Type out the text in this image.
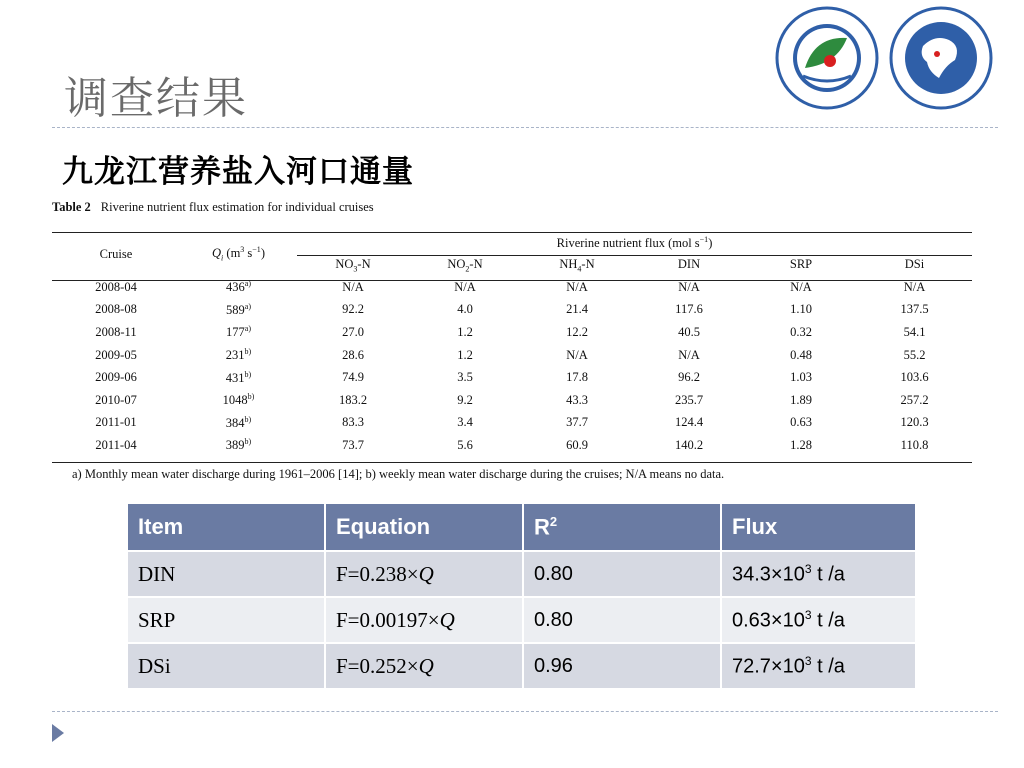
调查结果
九龙江营养盐入河口通量
Table 2 Riverine nutrient flux estimation for individual cruises
Cruise	$Q_i$ ($m^3$ $s^{-1}$)	Riverine nutrient flux (mol $s^{-1}$)					
		$NO_3-N$	$NO_2-N$	$NH_4-N$	DIN	SRP	DSi
2008-04	436$^{a)}$	N/A	N/A	N/A	N/A	N/A	N/A
2008-08	589$^{a)}$	92.2	4.0	21.4	117.6	1.10	137.5
2008-11	177$^{a)}$	27.0	1.2	12.2	40.5	0.32	54.1
2009-05	231$^{b)}$	28.6	1.2	N/A	N/A	0.48	55.2
2009-06	431$^{b)}$	74.9	3.5	17.8	96.2	1.03	103.6
2010-07	1048$^{b)}$	183.2	9.2	43.3	235.7	1.89	257.2
2011-01	384$^{b)}$	83.3	3.4	37.7	124.4	0.63	120.3
2011-04	389$^{b)}$	73.7	5.6	60.9	140.2	1.28	110.8
a) Monthly mean water discharge during 1961–2006 [14]; b) weekly mean water discharge during the cruises; N/A means no data.
Item	Equation	$R^2$	Flux
DIN	F=0.238×Q	0.80	$34.3\times 10^3$ t /a
SRP	F=0.00197×Q	0.80	$0.63\times 10^3$ t /a
DSi	F=0.252×Q	0.96	$72.7\times 10^3$ t /a
